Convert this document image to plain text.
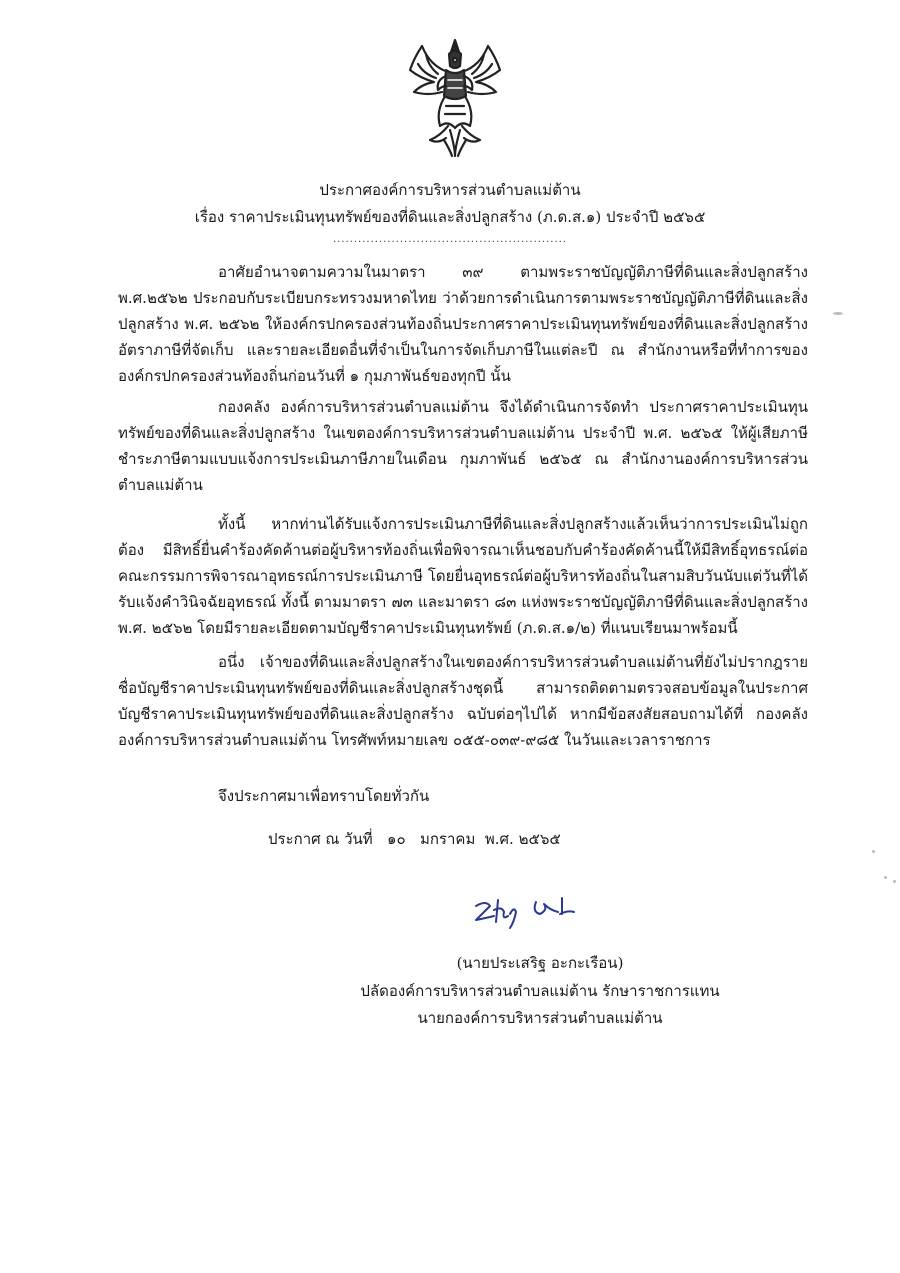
ประกาศองค์การบริหารส่วนตำบลแม่ต้าน
เรื่อง ราคาประเมินทุนทรัพย์ของที่ดินและสิ่งปลูกสร้าง (ภ.ด.ส.๑) ประจำปี ๒๕๖๕
........................................................

อาศัยอำนาจตามความในมาตรา ๓๙ ตามพระราชบัญญัติภาษีที่ดินและสิ่งปลูกสร้าง พ.ศ.๒๕๖๒ ประกอบกับระเบียบกระทรวงมหาดไทย ว่าด้วยการดำเนินการตามพระราชบัญญัติภาษีที่ดินและสิ่งปลูกสร้าง พ.ศ. ๒๕๖๒ ให้องค์กรปกครองส่วนท้องถิ่นประกาศราคาประเมินทุนทรัพย์ของที่ดินและสิ่งปลูกสร้าง อัตราภาษีที่จัดเก็บ และรายละเอียดอื่นที่จำเป็นในการจัดเก็บภาษีในแต่ละปี ณ สำนักงานหรือที่ทำการขององค์กรปกครองส่วนท้องถิ่นก่อนวันที่ ๑ กุมภาพันธ์ของทุกปี นั้น

กองคลัง องค์การบริหารส่วนตำบลแม่ต้าน จึงได้ดำเนินการจัดทำ ประกาศราคาประเมินทุนทรัพย์ของที่ดินและสิ่งปลูกสร้าง ในเขตองค์การบริหารส่วนตำบลแม่ต้าน ประจำปี พ.ศ. ๒๕๖๕ ให้ผู้เสียภาษีชำระภาษีตามแบบแจ้งการประเมินภาษีภายในเดือน กุมภาพันธ์ ๒๕๖๕ ณ สำนักงานองค์การบริหารส่วนตำบลแม่ต้าน

ทั้งนี้ หากท่านได้รับแจ้งการประเมินภาษีที่ดินและสิ่งปลูกสร้างแล้วเห็นว่าการประเมินไม่ถูกต้อง มีสิทธิ์ยื่นคำร้องคัดค้านต่อผู้บริหารท้องถิ่นเพื่อพิจารณาเห็นชอบกับคำร้องคัดค้านนี้ให้มีสิทธิ์อุทธรณ์ต่อคณะกรรมการพิจารณาอุทธรณ์การประเมินภาษี โดยยื่นอุทธรณ์ต่อผู้บริหารท้องถิ่นในสามสิบวันนับแต่วันที่ได้รับแจ้งคำวินิจฉัยอุทธรณ์ ทั้งนี้ ตามมาตรา ๗๓ และมาตรา ๘๓ แห่งพระราชบัญญัติภาษีที่ดินและสิ่งปลูกสร้าง พ.ศ. ๒๕๖๒ โดยมีรายละเอียดตามบัญชีราคาประเมินทุนทรัพย์ (ภ.ด.ส.๑/๒) ที่แนบเรียนมาพร้อมนี้

อนึ่ง เจ้าของที่ดินและสิ่งปลูกสร้างในเขตองค์การบริหารส่วนตำบลแม่ต้านที่ยังไม่ปรากฎรายชื่อบัญชีราคาประเมินทุนทรัพย์ของที่ดินและสิ่งปลูกสร้างชุดนี้ สามารถติดตามตรวจสอบข้อมูลในประกาศบัญชีราคาประเมินทุนทรัพย์ของที่ดินและสิ่งปลูกสร้าง ฉบับต่อๆไปได้ หากมีข้อสงสัยสอบถามได้ที่ กองคลังองค์การบริหารส่วนตำบลแม่ต้าน โทรศัพท์หมายเลข ๐๕๕-๐๓๙-๙๘๕ ในวันและเวลาราชการ

จึงประกาศมาเพื่อทราบโดยทั่วกัน
ประกาศ ณ วันที่   ๑๐   มกราคม  พ.ศ. ๒๕๖๕
(นายประเสริฐ อะกะเรือน)
ปลัดองค์การบริหารส่วนตำบลแม่ต้าน รักษาราชการแทน
นายกองค์การบริหารส่วนตำบลแม่ต้าน
